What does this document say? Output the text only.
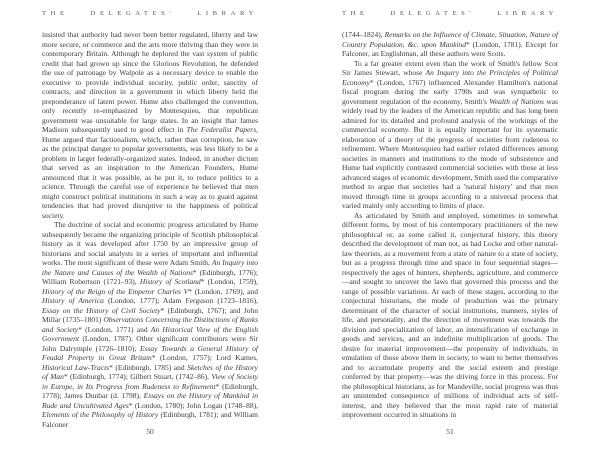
THE	DELEGATES'	LIBRARY

insisted that authority had never been better regulated, liberty and law more secure, or commerce and the arts more thriving than they were in contemporary Britain. Although he deplored the vast system of public credit that had grown up since the Glorious Revolution, he defended the use of patronage by Walpole as a necessary device to enable the executive to provide individual security, public order, sanctity of contracts, and direction in a government in which liberty held the preponderance of latent power. Hume also challenged the convention, only recently re-emphasized by Montesquieu, that republican government was unsuitable for large states. In an insight that James Madison subsequently used to good effect in The Federalist Papers, Hume argued that factionalism, which, rather than corruption, he saw as the principal danger to popular governments, was less likely to be a problem in larger federally-organized states. Indeed, in another dictum that served as an inspiration to the American Founders, Hume announced that it was possible, as he put it, to reduce politics to a science. Through the careful use of experience he believed that men might construct political institutions in such a way as to guard against tendencies that had proved disruptive to the happiness of political society.

The doctrine of social and economic progress articulated by Hume subsequently became the organizing principle of Scottish philosophical history as it was developed after 1750 by an impressive group of historians and social analysts in a series of important and influential works. The most significant of these were Adam Smith, An Inquiry into the Nature and Causes of the Wealth of Nations* (Edinburgh, 1776); William Robertson (1721–93), History of Scotland* (London, 1759), History of the Reign of the Emperor Charles V* (London, 1769), and History of America (London, 1777); Adam Ferguson (1723–1816), Essay on the History of Civil Society* (Edinburgh, 1767); and John Millar (1735–1801) Observations Concerning the Distinctions of Ranks and Society* (London, 1771) and An Historical View of the English Government (London, 1787). Other significant contributors were Sir John Dalrymple (1726–1810), Essay Towards a General History of Feudal Property in Great Britain* (London, 1757); Lord Kames, Historical Law-Tracts* (Edinburgh, 1785) and Sketches of the History of Man* (Edinburgh, 1774); Gilbert Stuart, (1742–86), View of Society in Europe, in Its Progress from Rudeness to Refinement* (Edinburgh, 1778); James Dunbar (d. 1798), Essays on the History of Mankind in Rude and Uncultivated Ages* (London, 1780); John Logan (1748–88), Elements of the Philosophy of History (Edinburgh, 1781); and William Falconer

50
THE	DELEGATES'	LIBRARY

(1744–1824), Remarks on the Influence of Climate, Situation, Nature of Country Population, &c. upon Mankind* (London, 1781). Except for Falconer, an Englishman, all these authors were Scots.

To a far greater extent even than the work of Smith's fellow Scot Sir James Stewart, whose An Inquiry into the Principles of Political Economy* (London, 1767) influenced Alexander Hamilton's national fiscal program during the early 1790s and was sympathetic to government regulation of the economy, Smith's Wealth of Nations was widely read by the leaders of the American republic and has long been admired for its detailed and profound analysis of the workings of the commercial economy. But it is equally important for its systematic elaboration of a theory of the progress of societies from rudeness to refinement. Where Montesquieu had earlier related differences among societies in manners and institutions to the mode of subsistence and Hume had explicitly contrasted commercial societies with those at less advanced stages of economic development, Smith used the comparative method to argue that societies had a 'natural history' and that men moved through time in groups according to a universal process that varied mainly only according to limits of place.

As articulated by Smith and employed, sometimes in somewhat different forms, by most of his contemporary practitioners of the new philosophical or, as some called it, conjectural history, this theory described the development of man not, as had Locke and other natural-law theorists, as a movement from a state of nature to a state of society, but as a progress through time and space in four sequential stages—respectively the ages of hunters, shepherds, agriculture, and commerce—and sought to uncover the laws that governed this process and the range of possible variations. At each of these stages, according to the conjectural historians, the mode of production was the primary determinant of the character of social institutions, manners, styles of life, and personality, and the direction of movement was towards the division and specialization of labor, an intensification of exchange in goods and services, and an indefinite multiplication of goods. The desire for material improvement—the propensity of individuals, in emulation of those above them in society, to want to better themselves and to accumulate property and the social esteem and prestige conferred by that property—was the driving force in this process. For the philosophical historians, as for Mandeville, social progress was thus an unintended consequence of millions of individual acts of self-interest, and they believed that the most rapid rate of material improvement occurred in situations in

51
